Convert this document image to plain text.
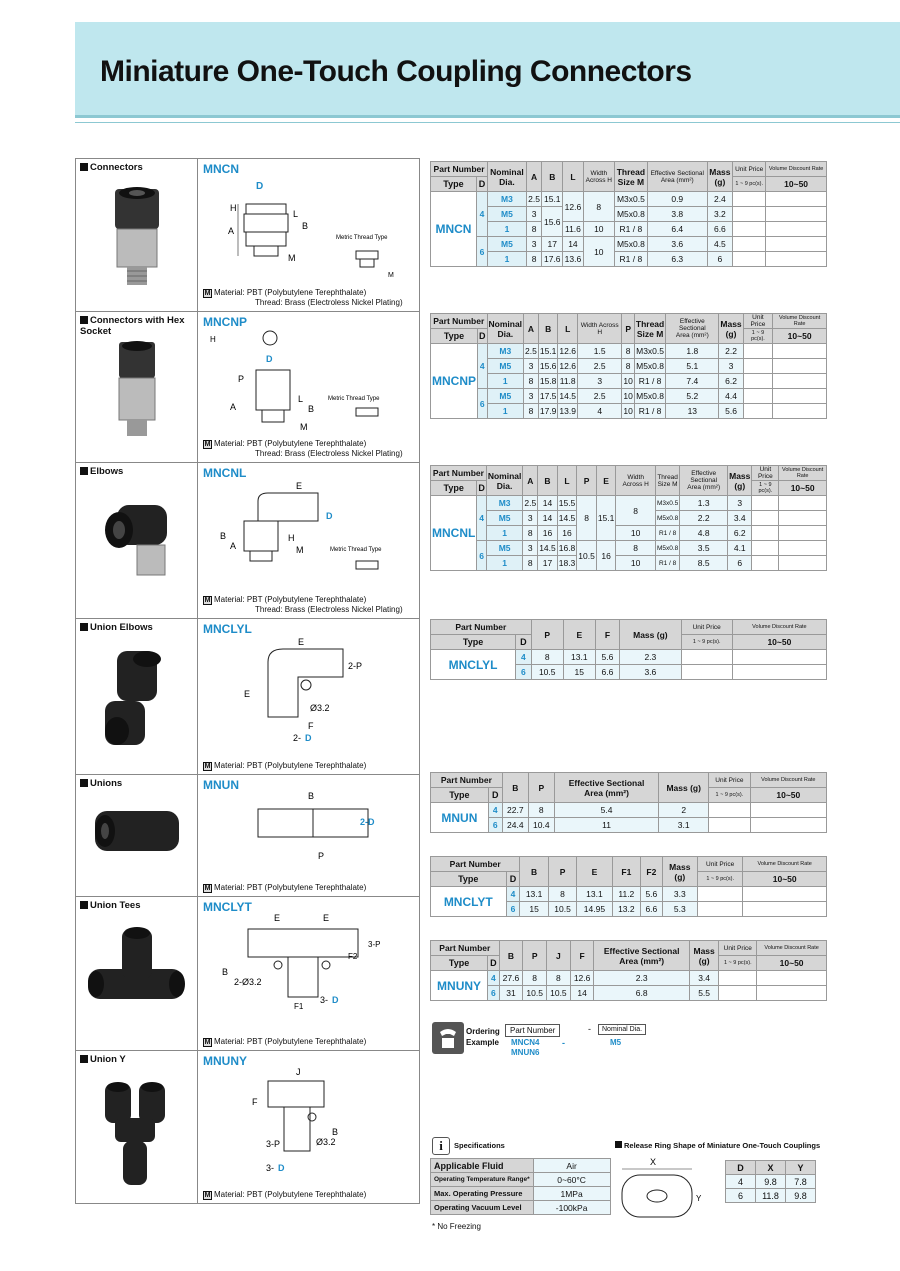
Miniature One-Touch Coupling Connectors
Connectors	MNCN
D
A
H
L
B
M
Metric Thread Type
M
M Material: PBT (Polybutylene Terephthalate)
Thread: Brass (Electroless Nickel Plating)
Connectors with Hex Socket
MNCNP
H
D
P
A
L
B
M
Metric Thread Type
M Material: PBT (Polybutylene Terephthalate)
Thread: Brass (Electroless Nickel Plating)
Elbows	MNCNL
E
D
B
A
H
M	Metric Thread Type
M Material: PBT (Polybutylene Terephthalate)
Thread: Brass (Electroless Nickel Plating)
Union Elbows	MNCLYL
E
2-P
E
Ø3.2
F
2- D
M Material: PBT (Polybutylene Terephthalate)
Unions	MNUN
B
2-D
P
M Material: PBT (Polybutylene Terephthalate)
Union Tees	MNCLYT
E	E
3-P
F2
B
2-Ø3.2
F1
3- D
M Material: PBT (Polybutylene Terephthalate)
Union Y	MNUNY
J
F
B
Ø3.2
3-P
3- D
M Material: PBT (Polybutylene Terephthalate)
Part Number		Nominal
Dia.	A	B	L	Width
Across H	Thread
Size M	Effective Sectional
Area (mm²)	Mass
(g)	Unit Price	Volume Discount Rate
Type	D									1 ~ 9 pc(s).	10~50
MNCN	4	M3	2.5	15.1	12.6	8	M3x0.5	0.9	2.4		
		M5	3	15.6			M5x0.8	3.8	3.2		
		1	8		11.6	10	R1 / 8	6.4	6.6		
	6	M5	3	17	14	10	M5x0.8	3.6	4.5		
		1	8	17.6	13.6		R1 / 8	6.3	6		
Part Number		Nominal
Dia.	A	B	L	Width Across H	P	Thread
Size M	Effective Sectional
Area (mm²)	Mass
(g)	Unit Price	Volume Discount Rate
Type	D										1 ~ 9 pc(s).	10~50
MNCNP	4	M3	2.5	15.1	12.6	1.5	8	M3x0.5	1.8	2.2		
		M5	3	15.6	12.6	2.5	8	M5x0.8	5.1	3		
		1	8	15.8	11.8	3	10	R1 / 8	7.4	6.2		
	6	M5	3	17.5	14.5	2.5	10	M5x0.8	5.2	4.4		
		1	8	17.9	13.9	4	10	R1 / 8	13	5.6		
Part Number		Nominal
Dia.	A	B	L	P	E	Width Across H	Thread
Size M	Effective Sectional
Area (mm²)	Mass
(g)	Unit Price	Volume Discount Rate
Type	D											1 ~ 9 pc(s).	10~50
MNCNL	4	M3	2.5	14	15.5	8	15.1	8	M3x0.5	1.3	3		
		M5	3	14	14.5				M5x0.8	2.2	3.4		
		1	8	16	16			10	R1 / 8	4.8	6.2		
	6	M5	3	14.5	16.8	10.5	16	8	M5x0.8	3.5	4.1		
		1	8	17	18.3			10	R1 / 8	8.5	6		
Part Number		P	E	F	Mass (g)	Unit Price	Volume Discount Rate
Type	D					1 ~ 9 pc(s).	10~50
MNCLYL	4	8	13.1	5.6	2.3		
	6	10.5	15	6.6	3.6		
Part Number		B	P	Effective Sectional
Area (mm²)	Mass (g)	Unit Price	Volume Discount Rate
Type	D					1 ~ 9 pc(s).	10~50
MNUN	4	22.7	8	5.4	2		
	6	24.4	10.4	11	3.1		
Part Number		B	P	E	F1	F2	Mass
(g)	Unit Price	Volume Discount Rate
Type	D							1 ~ 9 pc(s).	10~50
MNCLYT	4	13.1	8	13.1	11.2	5.6	3.3		
	6	15	10.5	14.95	13.2	6.6	5.3		
Part Number		B	P	J	F	Effective Sectional
Area (mm²)	Mass
(g)	Unit Price	Volume Discount Rate
Type	D							1 ~ 9 pc(s).	10~50
MNUNY	4	27.6	8	8	12.6	2.3	3.4		
	6	31	10.5	10.5	14	6.8	5.5		
Ordering
Example
Part Number	-	Nominal Dia.
MNCN4
MNUN6
-	M5
i	Specifications
Applicable Fluid	Air
Operating Temperature Range*	0~60°C
Max. Operating Pressure	1MPa
Operating Vacuum Level	-100kPa
* No Freezing
Release Ring Shape of Miniature One-Touch Couplings
X
Y
D	X	Y
4	9.8	7.8
6	11.8	9.8
